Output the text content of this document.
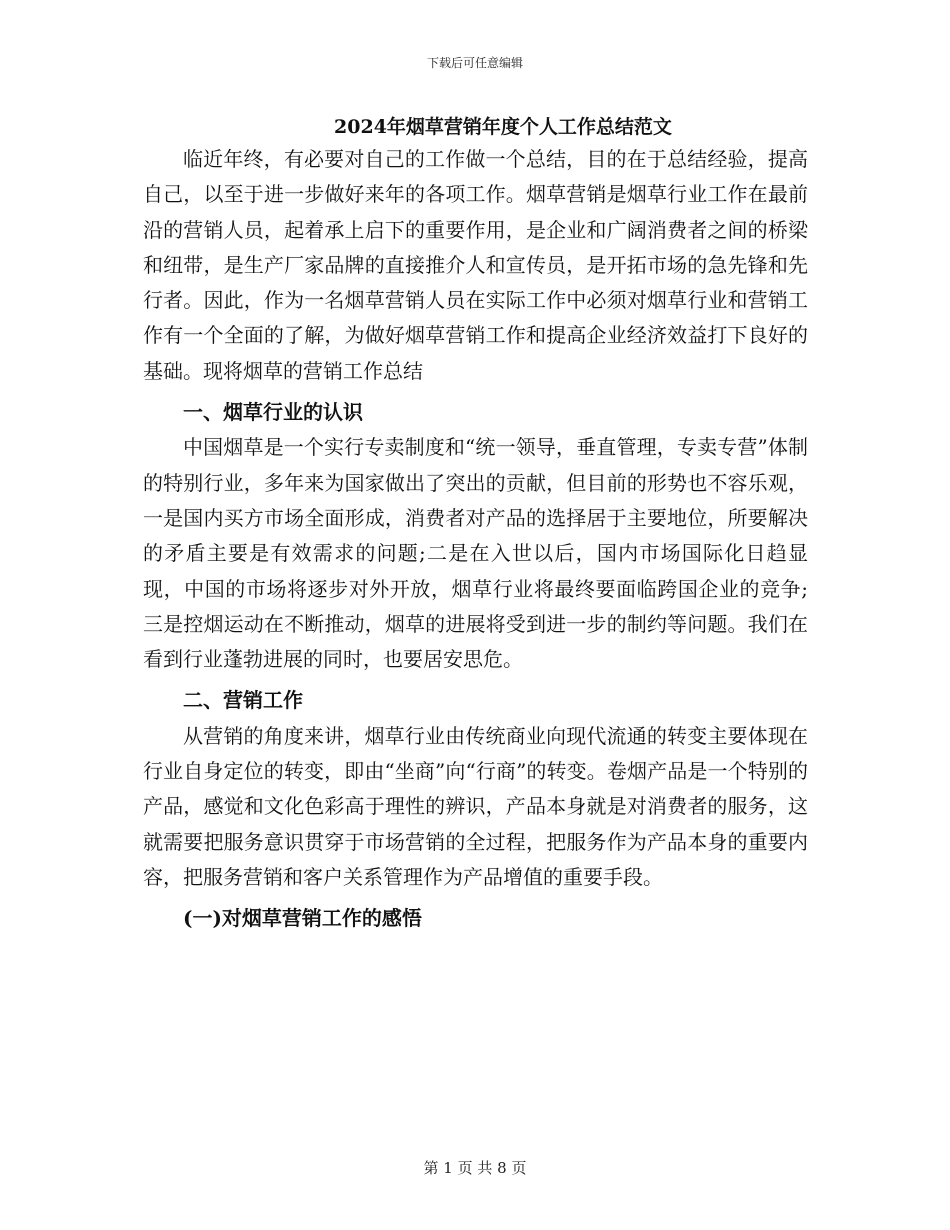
下载后可任意编辑
2024年烟草营销年度个人工作总结范文

临近年终，有必要对自己的工作做一个总结，目的在于总结经验，提高自己，以至于进一步做好来年的各项工作。烟草营销是烟草行业工作在最前沿的营销人员，起着承上启下的重要作用，是企业和广阔消费者之间的桥梁和纽带，是生产厂家品牌的直接推介人和宣传员，是开拓市场的急先锋和先行者。因此，作为一名烟草营销人员在实际工作中必须对烟草行业和营销工作有一个全面的了解，为做好烟草营销工作和提高企业经济效益打下良好的基础。现将烟草的营销工作总结

一、烟草行业的认识

中国烟草是一个实行专卖制度和“统一领导，垂直管理，专卖专营”体制的特别行业，多年来为国家做出了突出的贡献，但目前的形势也不容乐观，一是国内买方市场全面形成，消费者对产品的选择居于主要地位，所要解决的矛盾主要是有效需求的问题;二是在入世以后，国内市场国际化日趋显现，中国的市场将逐步对外开放，烟草行业将最终要面临跨国企业的竞争;三是控烟运动在不断推动，烟草的进展将受到进一步的制约等问题。我们在看到行业蓬勃进展的同时，也要居安思危。

二、营销工作

从营销的角度来讲，烟草行业由传统商业向现代流通的转变主要体现在行业自身定位的转变，即由“坐商”向“行商”的转变。卷烟产品是一个特别的产品，感觉和文化色彩高于理性的辨识，产品本身就是对消费者的服务，这就需要把服务意识贯穿于市场营销的全过程，把服务作为产品本身的重要内容，把服务营销和客户关系管理作为产品增值的重要手段。

(一)对烟草营销工作的感悟
第 1 页 共 8 页
